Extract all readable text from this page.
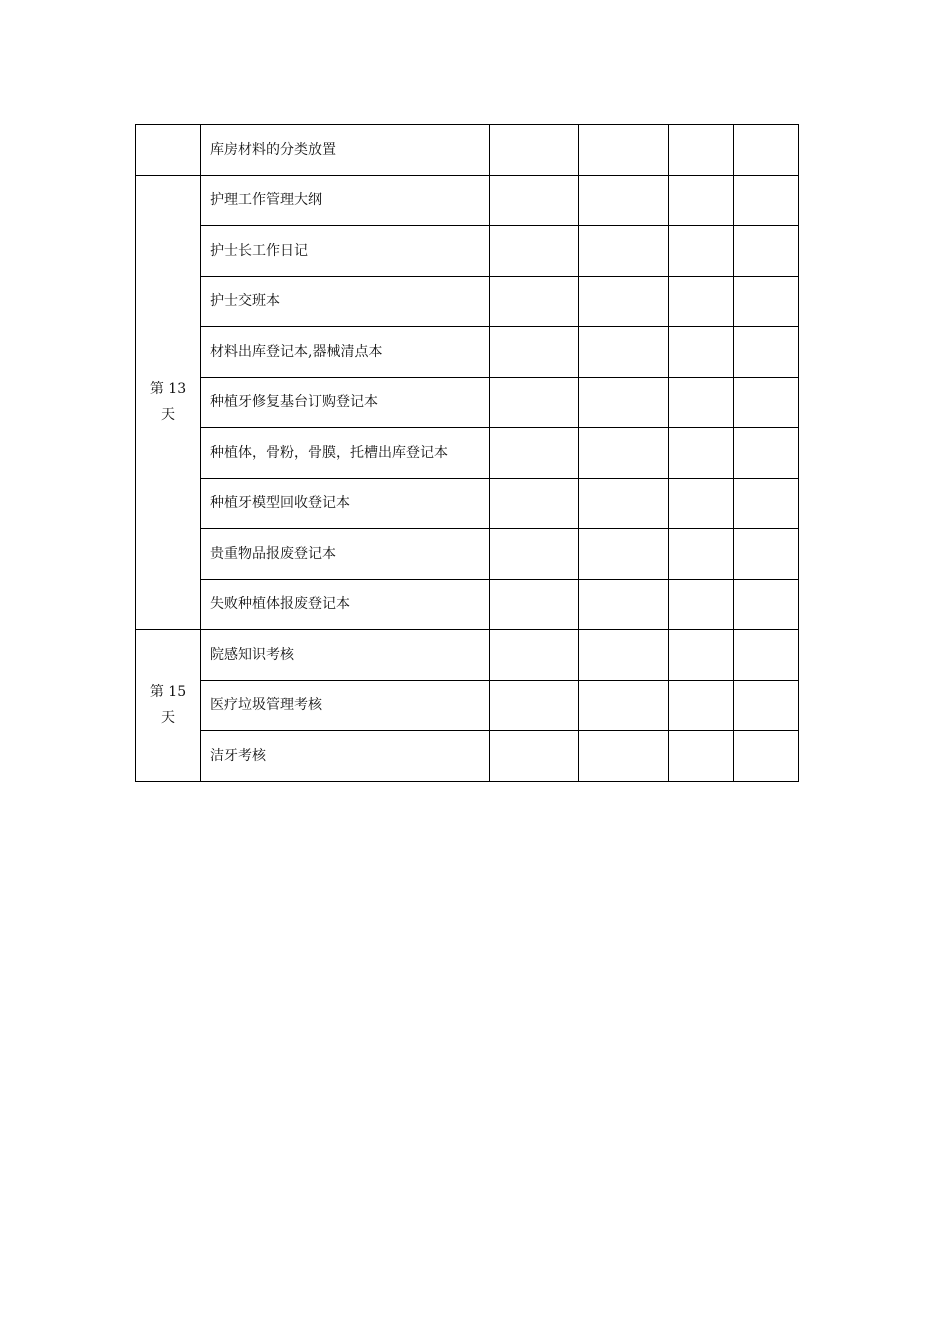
	库房材料的分类放置				

第 13
天	护理工作管理大纲				
	护士长工作日记				
	护士交班本				
	材料出库登记本,器械清点本				
	种植牙修复基台订购登记本				
	种植体，骨粉，骨膜，托槽出库登记本				
	种植牙模型回收登记本				
	贵重物品报废登记本				
	失败种植体报废登记本				

第 15
天	院感知识考核				
	医疗垃圾管理考核				
	洁牙考核				
